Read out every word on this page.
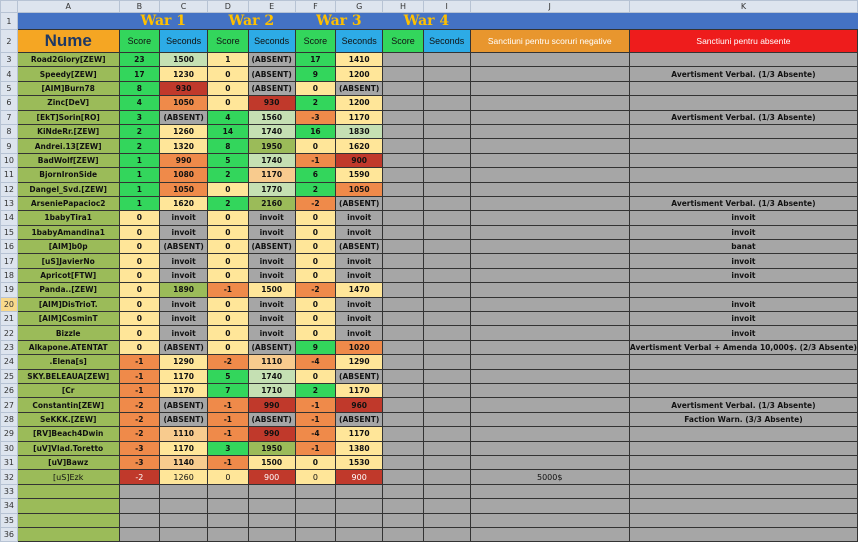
	A	B	C	D	E	F	G	H	I	J	K
1		War 1		War 2		War 3		War 4			
2	Nume	Score	Seconds	Score	Seconds	Score	Seconds	Score	Seconds	Sanctiuni pentru scoruri negative	Sanctiuni pentru absente
3	Road2Glory[ZEW]	23	1500	1	(ABSENT)	17	1410				
4	Speedy[ZEW]	17	1230	0	(ABSENT)	9	1200				Avertisment Verbal. (1/3 Absente)
5	[AIM]Burn78	8	930	0	(ABSENT)	0	(ABSENT)				
6	Zinc[DeV]	4	1050	0	930	2	1200				
7	[EkT]Sorin[RO]	3	(ABSENT)	4	1560	-3	1170				Avertisment Verbal. (1/3 Absente)
8	KiNdeRr.[ZEW]	2	1260	14	1740	16	1830				
9	Andrei.13[ZEW]	2	1320	8	1950	0	1620				
10	BadWolf[ZEW]	1	990	5	1740	-1	900				
11	BjornIronSide	1	1080	2	1170	6	1590				
12	Dangel_Svd.[ZEW]	1	1050	0	1770	2	1050				
13	ArseniePapacioc2	1	1620	2	2160	-2	(ABSENT)				Avertisment Verbal. (1/3 Absente)
14	1babyTira1	0	invoit	0	invoit	0	invoit				invoit
15	1babyAmandina1	0	invoit	0	invoit	0	invoit				invoit
16	[AIM]b0p	0	(ABSENT)	0	(ABSENT)	0	(ABSENT)				banat
17	[uS]JavierNo	0	invoit	0	invoit	0	invoit				invoit
18	Apricot[FTW]	0	invoit	0	invoit	0	invoit				invoit
19	Panda..[ZEW]	0	1890	-1	1500	-2	1470				
20	[AIM]DisTrioT.	0	invoit	0	invoit	0	invoit				invoit
21	[AIM]CosminT	0	invoit	0	invoit	0	invoit				invoit
22	Bizzle	0	invoit	0	invoit	0	invoit				invoit
23	Alkapone.ATENTAT	0	(ABSENT)	0	(ABSENT)	9	1020				Avertisment Verbal + Amenda 10,000$. (2/3 Absente)
24	.Elena[s]	-1	1290	-2	1110	-4	1290				
25	SKY.BELEAUA[ZEW]	-1	1170	5	1740	0	(ABSENT)				
26	[Cr	-1	1170	7	1710	2	1170				
27	Constantin[ZEW]	-2	(ABSENT)	-1	990	-1	960				Avertisment Verbal. (1/3 Absente)
28	SeKKK.[ZEW]	-2	(ABSENT)	-1	(ABSENT)	-1	(ABSENT)				Faction Warn. (3/3 Absente)
29	[RV]Beach4Dwin	-2	1110	-1	990	-4	1170				
30	[uV]Vlad.Toretto	-3	1170	3	1950	-1	1380				
31	[uV]Bawz	-3	1140	-1	1500	0	1530				
32	[uS]Ezk	-2	1260	0	900	0	900			5000$	
33											
34											
35											
36											
